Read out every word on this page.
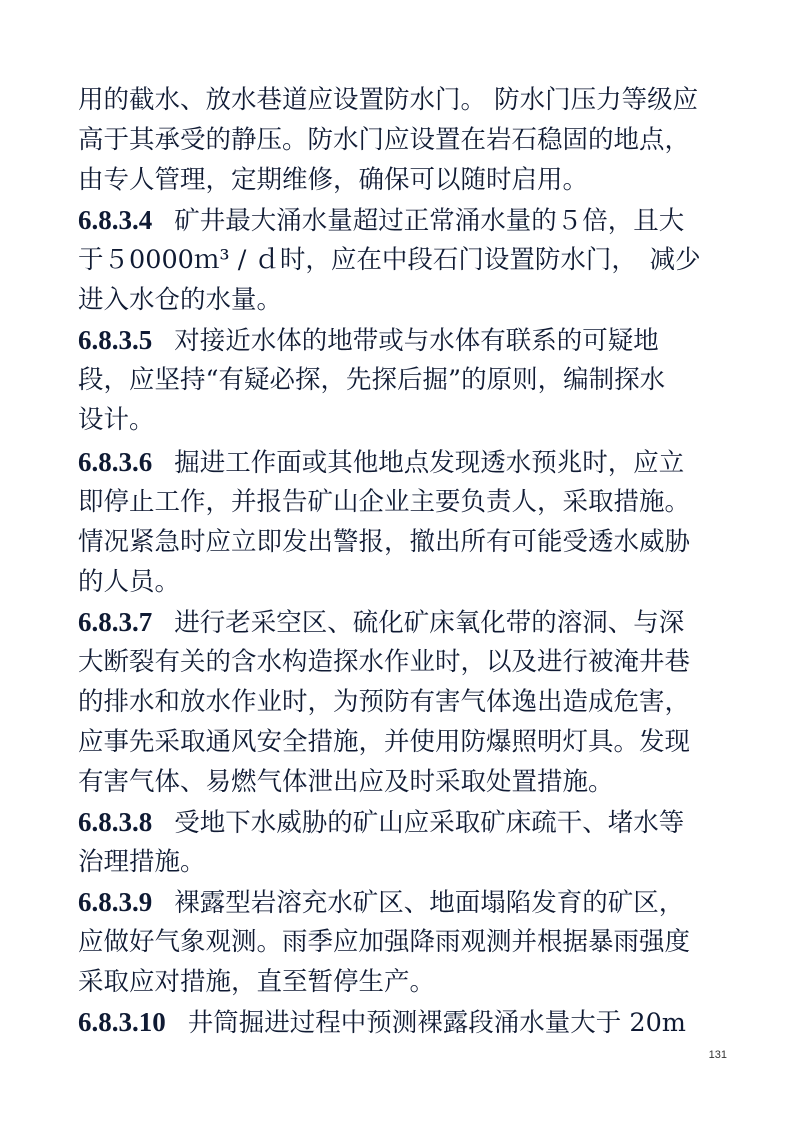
用的截水、放水巷道应设置防水门。 防水门压力等级应
高于其承受的静压。防水门应设置在岩石稳固的地点，
由专人管理，定期维修，确保可以随时启用。
6.8.3.4 矿井最大涌水量超过正常涌水量的５倍，且大
于５0000ｍ³ / ｄ时，应在中段石门设置防水门，　减少
进入水仓的水量。
6.8.3.5 对接近水体的地带或与水体有联系的可疑地
段，应坚持“有疑必探，先探后掘”的原则，编制探水
设计。
6.8.3.6 掘进工作面或其他地点发现透水预兆时，应立
即停止工作，并报告矿山企业主要负责人，采取措施。
情况紧急时应立即发出警报，撤出所有可能受透水威胁
的人员。
6.8.3.7 进行老采空区、硫化矿床氧化带的溶洞、与深
大断裂有关的含水构造探水作业时，以及进行被淹井巷
的排水和放水作业时，为预防有害气体逸出造成危害，
应事先采取通风安全措施，并使用防爆照明灯具。发现
有害气体、易燃气体泄出应及时采取处置措施。
6.8.3.8 受地下水威胁的矿山应采取矿床疏干、堵水等
治理措施。
6.8.3.9 裸露型岩溶充水矿区、地面塌陷发育的矿区，
应做好气象观测。雨季应加强降雨观测并根据暴雨强度
采取应对措施，直至暂停生产。
6.8.3.10 井筒掘进过程中预测裸露段涌水量大于 20m
131
